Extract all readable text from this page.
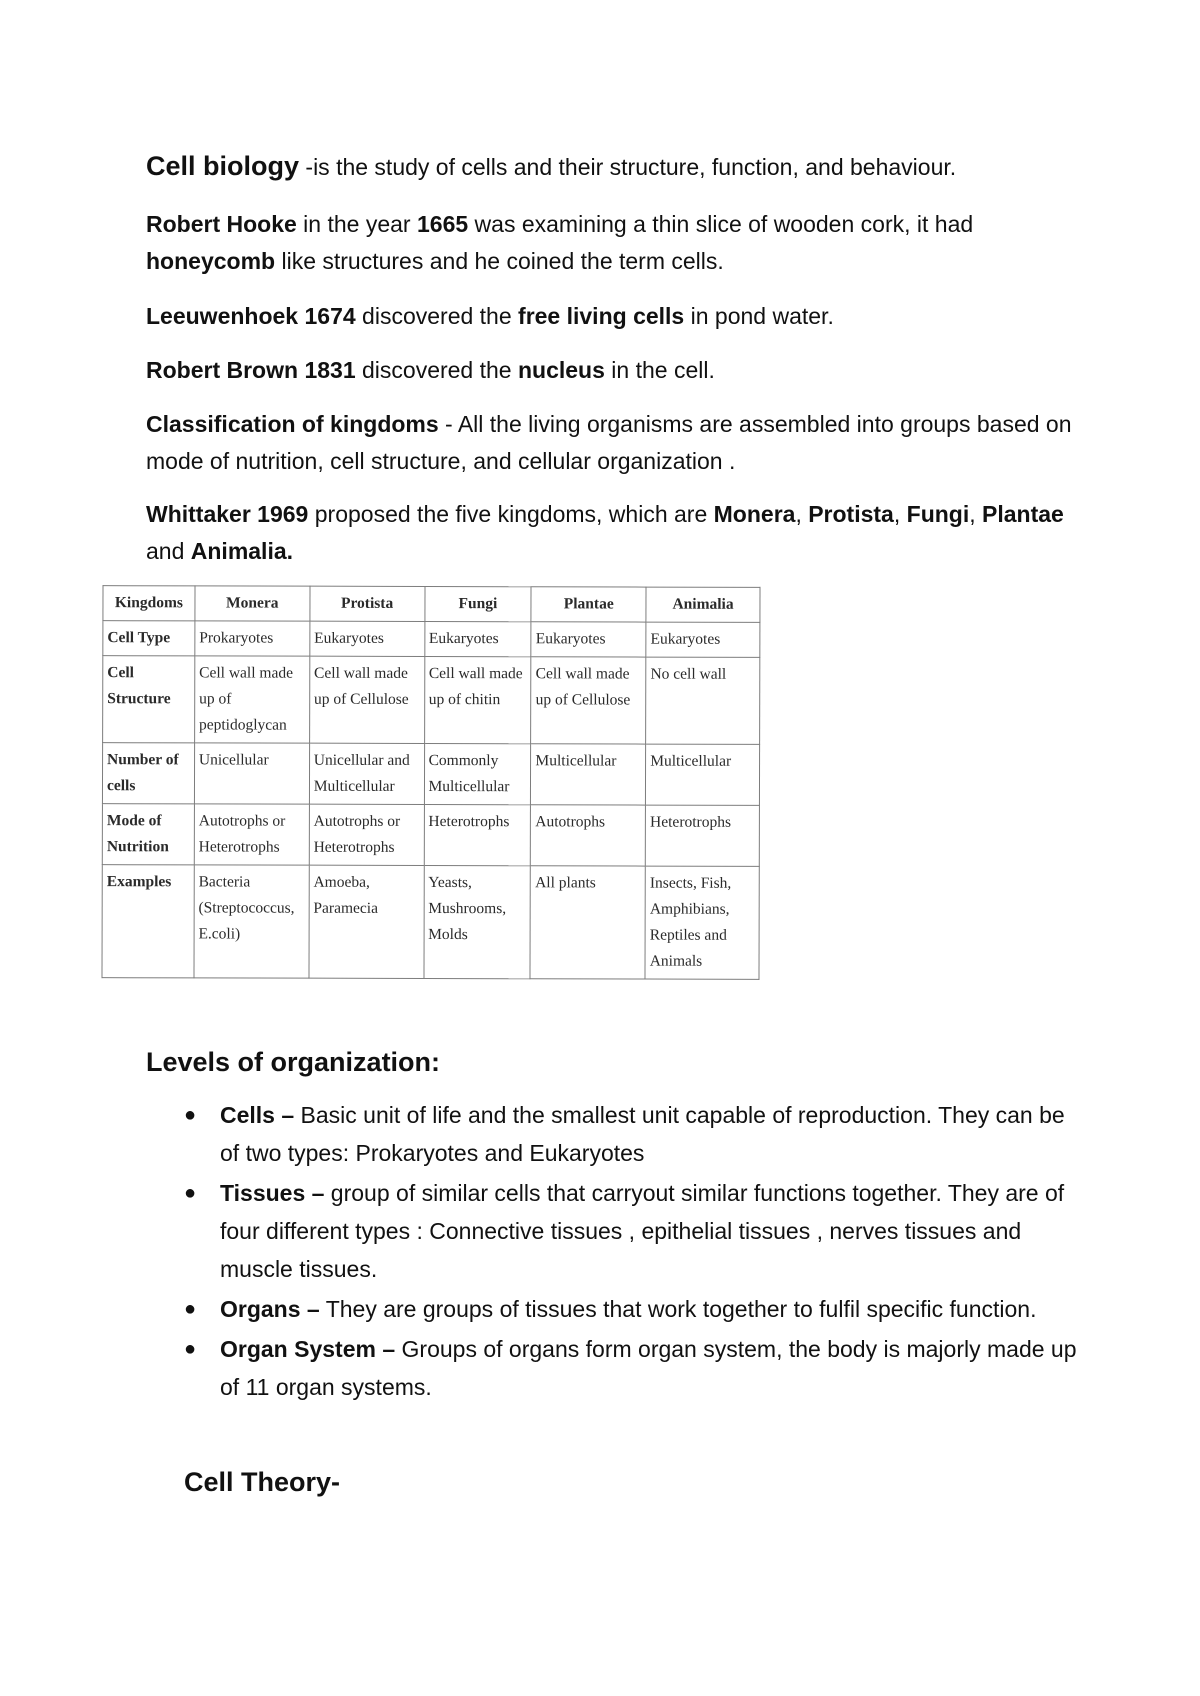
Cell biology -is the study of cells and their structure, function, and behaviour.

Robert Hooke in the year 1665 was examining a thin slice of wooden cork, it had honeycomb like structures and he coined the term cells.

Leeuwenhoek 1674 discovered the free living cells in pond water.

Robert Brown 1831 discovered the nucleus in the cell.

Classification of kingdoms - All the living organisms are assembled into groups based on mode of nutrition, cell structure, and cellular organization .

Whittaker 1969 proposed the five kingdoms, which are Monera, Protista, Fungi, Plantae and Animalia.

Kingdoms	Monera	Protista	Fungi	Plantae	Animalia
Cell Type	Prokaryotes	Eukaryotes	Eukaryotes	Eukaryotes	Eukaryotes
Cell Structure	Cell wall made up of peptidoglycan	Cell wall made up of Cellulose	Cell wall made up of chitin	Cell wall made up of Cellulose	No cell wall
Number of cells	Unicellular	Unicellular and Multicellular	Commonly Multicellular	Multicellular	Multicellular
Mode of Nutrition	Autotrophs or Heterotrophs	Autotrophs or Heterotrophs	Heterotrophs	Autotrophs	Heterotrophs
Examples	Bacteria (Streptococcus, E.coli)	Amoeba, Paramecia	Yeasts, Mushrooms, Molds	All plants	Insects, Fish, Amphibians, Reptiles and Animals
Levels of organization:
● Cells – Basic unit of life and the smallest unit capable of reproduction. They can be of two types: Prokaryotes and Eukaryotes
● Tissues – group of similar cells that carryout similar functions together. They are of four different types : Connective tissues , epithelial tissues , nerves tissues and muscle tissues.
● Organs – They are groups of tissues that work together to fulfil specific function.
● Organ System – Groups of organs form organ system, the body is majorly made up of 11 organ systems.
Cell Theory-
